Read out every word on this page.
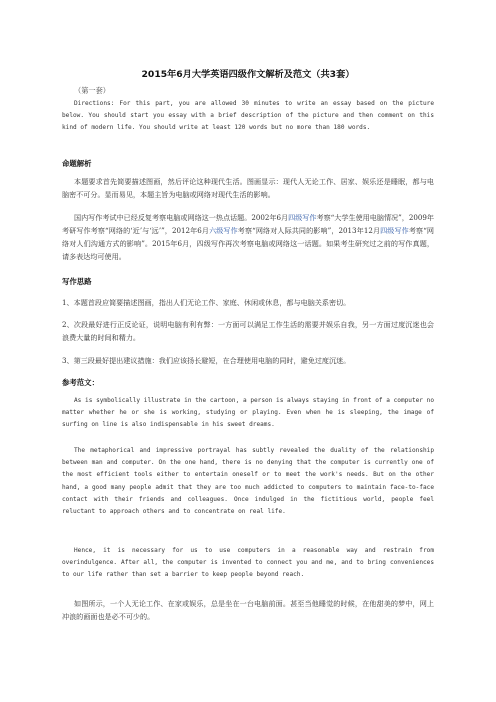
2015年6月大学英语四级作文解析及范文（共3套）
（第一套）
Directions: For this part, you are allowed 30 minutes to write an essay based on the picture below. You should start you essay with a brief description of the picture and then comment on this kind of modern life. You should write at least 120 words but no more than 180 words.
命题解析
本题要求首先简要描述图画，然后评论这种现代生活。图画显示：现代人无论工作、居家、娱乐还是睡眠，都与电脑密不可分。显而易见，本题主旨为电脑或网络对现代生活的影响。
国内写作考试中已经反复考察电脑或网络这一热点话题。2002年6月四级写作考察“大学生使用电脑情况”，2009年考研写作考察“网络的‘近’与‘远’”，2012年6月六级写作考察“网络对人际共同的影响”，2013年12月四级写作考察“网络对人们沟通方式的影响”。2015年6月，四级写作再次考察电脑或网络这一话题。如果考生研究过之前的写作真题，请多表达均可使用。
写作思路
1、本题首段应简要描述图画，指出人们无论工作、家庭、休闲或休息，都与电脑关系密切。
2、次段最好进行正反论证，说明电脑有利有弊：一方面可以满足工作生活的需要并娱乐自我，另一方面过度沉迷也会浪费大量的时间和精力。
3、第三段最好提出建议措施：我们应该扬长避短，在合理使用电脑的同时，避免过度沉迷。
参考范文：
As is symbolically illustrate in the cartoon, a person is always staying in front of a computer no matter whether he or she is working, studying or playing. Even when he is sleeping, the image of surfing on line is also indispensable in his sweet dreams.
The metaphorical and impressive portrayal has subtly revealed the duality of the relationship between man and computer. On the one hand, there is no denying that the computer is currently one of the most efficient tools either to entertain oneself or to meet the work's needs. But on the other hand, a good many people admit that they are too much addicted to computers to maintain face-to-face contact with their friends and colleagues. Once indulged in the fictitious world, people feel reluctant to approach others and to concentrate on real life.
Hence, it is necessary for us to use computers in a reasonable way and restrain from overindulgence. After all, the computer is invented to connect you and me, and to bring conveniences to our life rather than set a barrier to keep people beyond reach.
如图所示，一个人无论工作、在家或娱乐，总是坐在一台电脑前面。甚至当他睡觉的时候，在他甜美的梦中，网上冲浪的画面也是必不可少的。
